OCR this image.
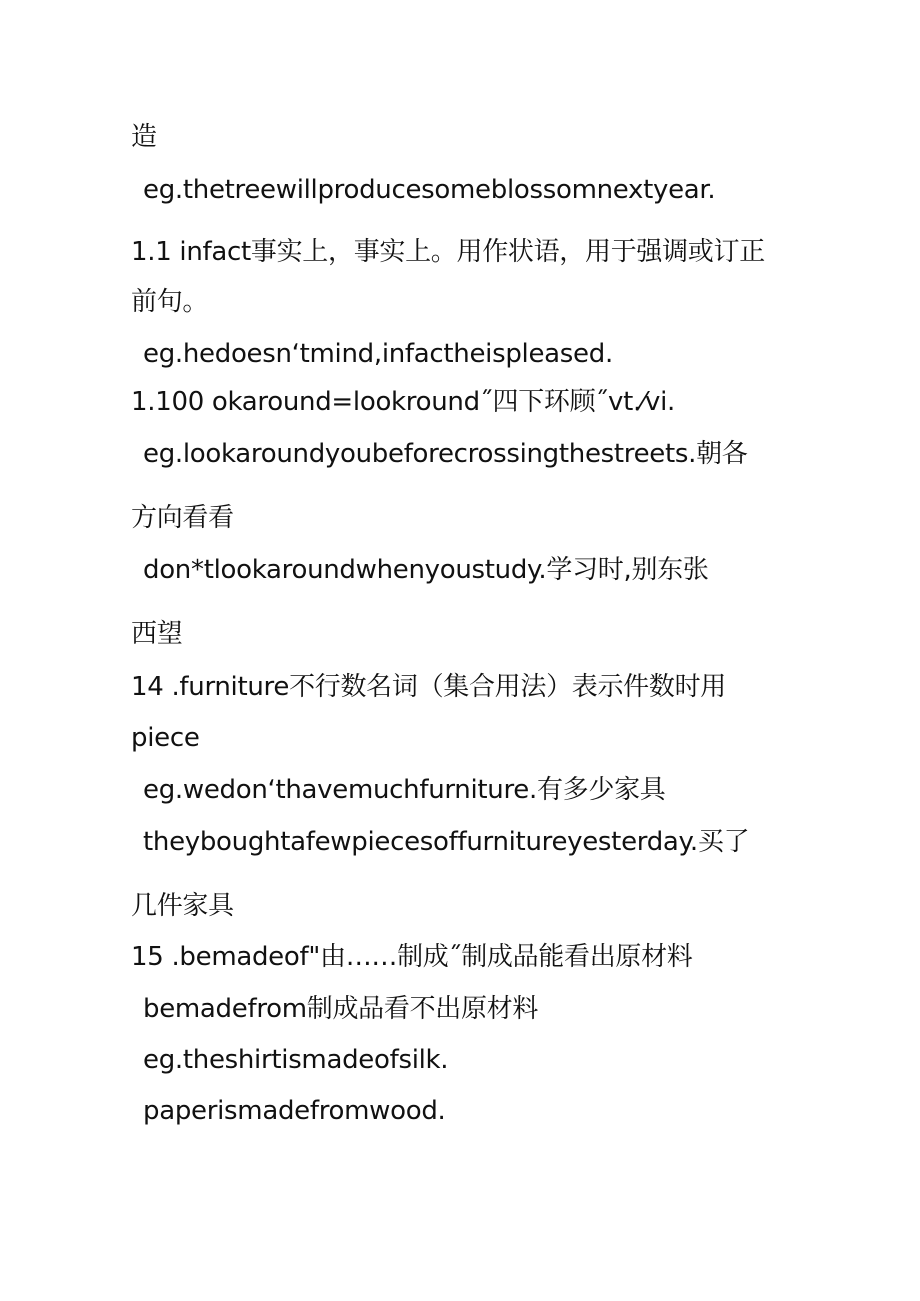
造
eg.thetreewillproducesomeblossomnextyear.
1.1 infact事实上，事实上。用作状语，用于强调或订正
前句。
eg.hedoesnʻtmind,infactheispleased.
1.100 okaround=lookround˝四下环顾˝vt.⁄vi.
eg.lookaroundyoubeforecrossingthestreets.朝各
方向看看
don*tlookaroundwhenyoustudy.学习时,别东张
西望
14 .furniture不行数名词（集合用法）表示件数时用
piece
eg.wedonʻthavemuchfurniture.有多少家具
theyboughtafewpiecesoffurnitureyesterday.买了
几件家具
15 .bemadeof"由……制成˝制成品能看出原材料
bemadefrom制成品看不出原材料
eg.theshirtismadeofsilk.
paperismadefromwood.
